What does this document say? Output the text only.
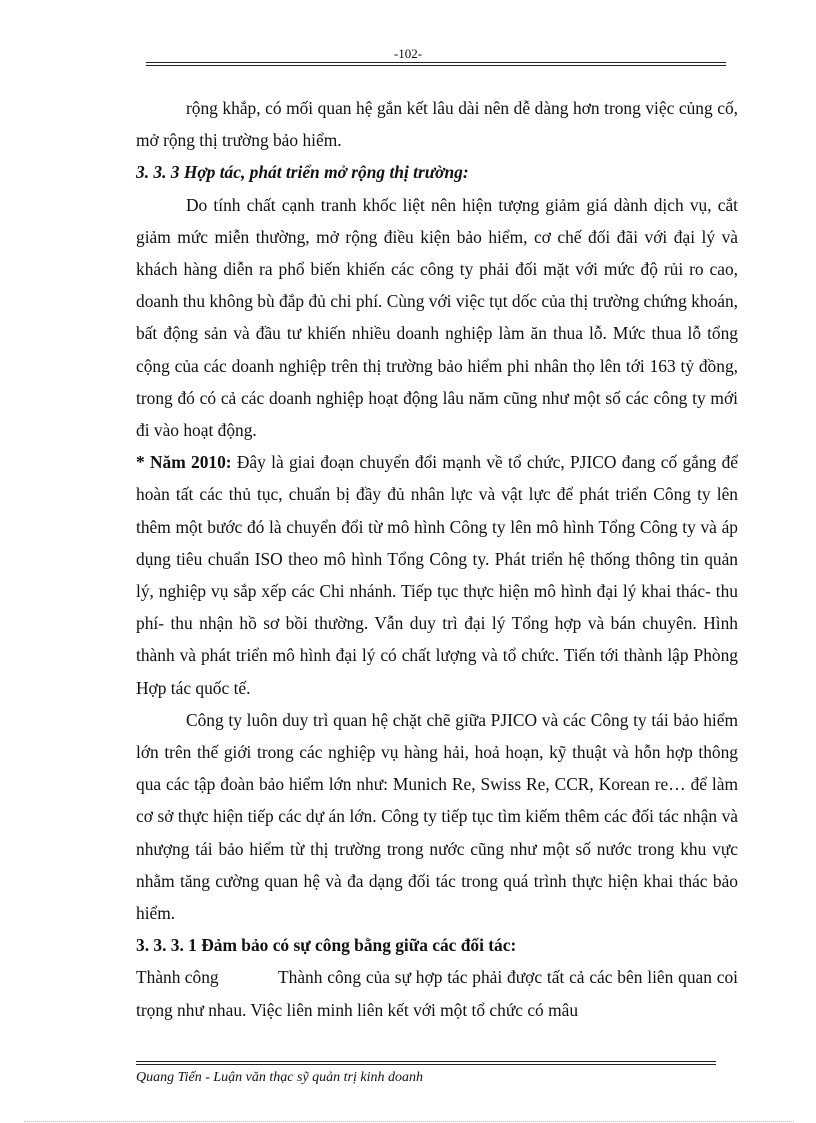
-102-

rộng khắp, có mối quan hệ gắn kết lâu dài nên dễ dàng hơn trong việc củng cố, mở rộng thị trường bảo hiểm.

3. 3. 3 Hợp tác, phát triển mở rộng thị trường:

Do tính chất cạnh tranh khốc liệt nên hiện tượng giảm giá dành dịch vụ, cắt giảm mức miễn thường, mở rộng điều kiện bảo hiểm, cơ chế đối đãi với đại lý và khách hàng diễn ra phổ biến khiến các công ty phải đối mặt với mức độ rủi ro cao, doanh thu không bù đắp đủ chi phí. Cùng với việc tụt dốc của thị trường chứng khoán, bất động sản và đầu tư khiến nhiều doanh nghiệp làm ăn thua lỗ. Mức thua lỗ tổng cộng của các doanh nghiệp trên thị trường bảo hiểm phi nhân thọ lên tới 163 tỷ đồng, trong đó có cả các doanh nghiệp hoạt động lâu năm cũng như một số các công ty mới đi vào hoạt động.

* Năm 2010: Đây là giai đoạn chuyển đổi mạnh về tổ chức, PJICO đang cố gắng để hoàn tất các thủ tục, chuẩn bị đầy đủ nhân lực và vật lực để phát triển Công ty lên thêm một bước đó là chuyển đổi từ mô hình Công ty lên mô hình Tổng Công ty và áp dụng tiêu chuẩn ISO theo mô hình Tổng Công ty. Phát triển hệ thống thông tin quản lý, nghiệp vụ sắp xếp các Chi nhánh. Tiếp tục thực hiện mô hình đại lý khai thác- thu phí- thu nhận hồ sơ bồi thường. Vẫn duy trì đại lý Tổng hợp và bán chuyên. Hình thành và phát triển mô hình đại lý có chất lượng và tổ chức. Tiến tới thành lập Phòng Hợp tác quốc tế.

Công ty luôn duy trì quan hệ chặt chẽ giữa PJICO và các Công ty tái bảo hiểm lớn trên thế giới trong các nghiệp vụ hàng hải, hoả hoạn, kỹ thuật và hỗn hợp thông qua các tập đoàn bảo hiểm lớn như: Munich Re, Swiss Re, CCR, Korean re… để làm cơ sở thực hiện tiếp các dự án lớn. Công ty tiếp tục tìm kiếm thêm các đối tác nhận và nhượng tái bảo hiểm từ thị trường trong nước cũng như một số nước trong khu vực nhằm tăng cường quan hệ và đa dạng đối tác trong quá trình thực hiện khai thác bảo hiểm.

3. 3. 3. 1 Đảm bảo có sự công bằng giữa các đối tác:

Thành công	Thành công của sự hợp tác phải được tất cả các bên liên quan coi trọng như nhau. Việc liên minh liên kết với một tổ chức có mâu

Quang Tiến - Luận văn thạc sỹ quản trị kinh doanh
